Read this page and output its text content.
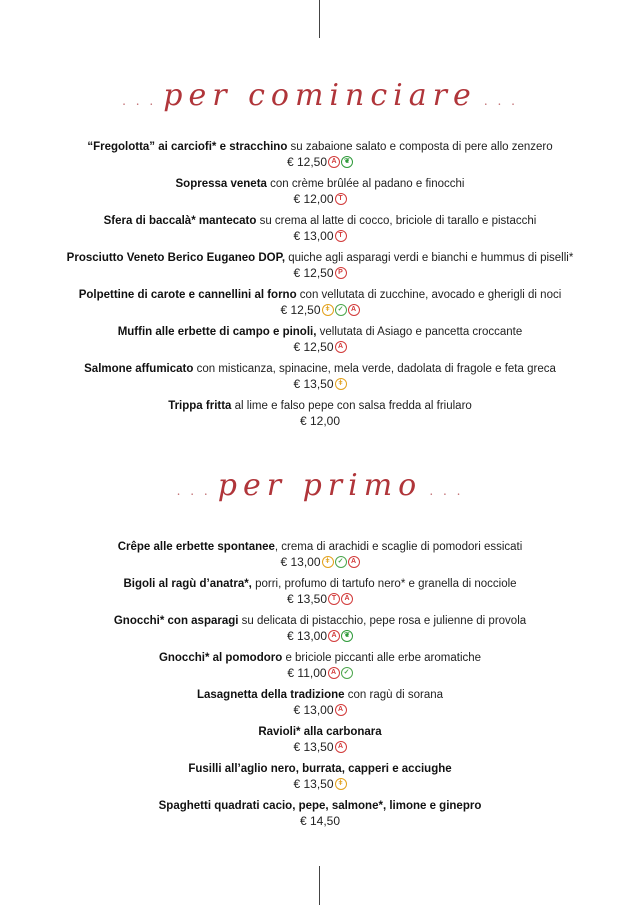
. . . per cominciare . . .
“Fregolotta” ai carciofi* e stracchino su zabaione salato e composta di pere allo zenzero
€ 12,50 A ❦
Sopressa veneta con crème brûlée al padano e finocchi
€ 12,00 T
Sfera di baccalà* mantecato su crema al latte di cocco, briciole di tarallo e pistacchi
€ 13,00 T
Prosciutto Veneto Berico Euganeo DOP, quiche agli asparagi verdi e bianchi e hummus di piselli*
€ 12,50 P
Polpettine di carote e cannellini al forno con vellutata di zucchine, avocado e gherigli di noci
€ 12,50 ǂ ✓ A
Muffin alle erbette di campo e pinoli, vellutata di Asiago e pancetta croccante
€ 12,50 A
Salmone affumicato con misticanza, spinacine, mela verde, dadolata di fragole e feta greca
€ 13,50 ǂ
Trippa fritta al lime e falso pepe con salsa fredda al friularo
€ 12,00
. . . per primo . . .
Crêpe alle erbette spontanee, crema di arachidi e scaglie di pomodori essicati
€ 13,00 ǂ ✓ A
Bigoli al ragù d’anatra*, porri, profumo di tartufo nero* e granella di nocciole
€ 13,50 T A
Gnocchi* con asparagi su delicata di pistacchio, pepe rosa e julienne di provola
€ 13,00 A ❦
Gnocchi* al pomodoro e briciole piccanti alle erbe aromatiche
€ 11,00 A ✓
Lasagnetta della tradizione con ragù di sorana
€ 13,00 A
Ravioli* alla carbonara
€ 13,50 A
Fusilli all’aglio nero, burrata, capperi e acciughe
€ 13,50 ǂ
Spaghetti quadrati cacio, pepe, salmone*, limone e ginepro
€ 14,50
